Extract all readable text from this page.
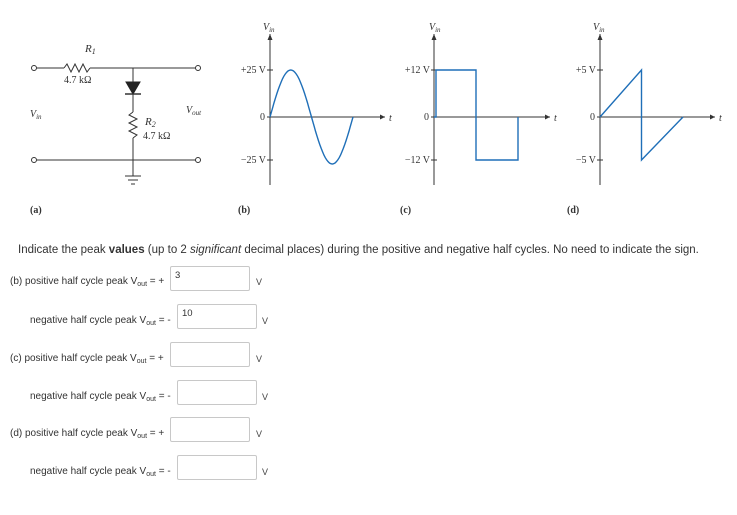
R1
4.7 kΩ
R2
4.7 kΩ
$V_{in}$
$V_{out}$
(a)
$V_{in}$
+25 V
0
−25 V
t
(b)
$V_{in}$
+12 V
0
−12 V
t
(c)
$V_{in}$
+5 V
0
−5 V
t
(d)
Indicate the peak values (up to 2 significant decimal places) during the positive and negative half cycles. No need to indicate the sign.
(b) positive half cycle peak $V_{out}$ = +
3
V
negative half cycle peak $V_{out}$ = -
10
V
(c) positive half cycle peak $V_{out}$ = +	V
negative half cycle peak $V_{out}$ = -	V
(d) positive half cycle peak $V_{out}$ = +	V
negative half cycle peak $V_{out}$ = -	V
